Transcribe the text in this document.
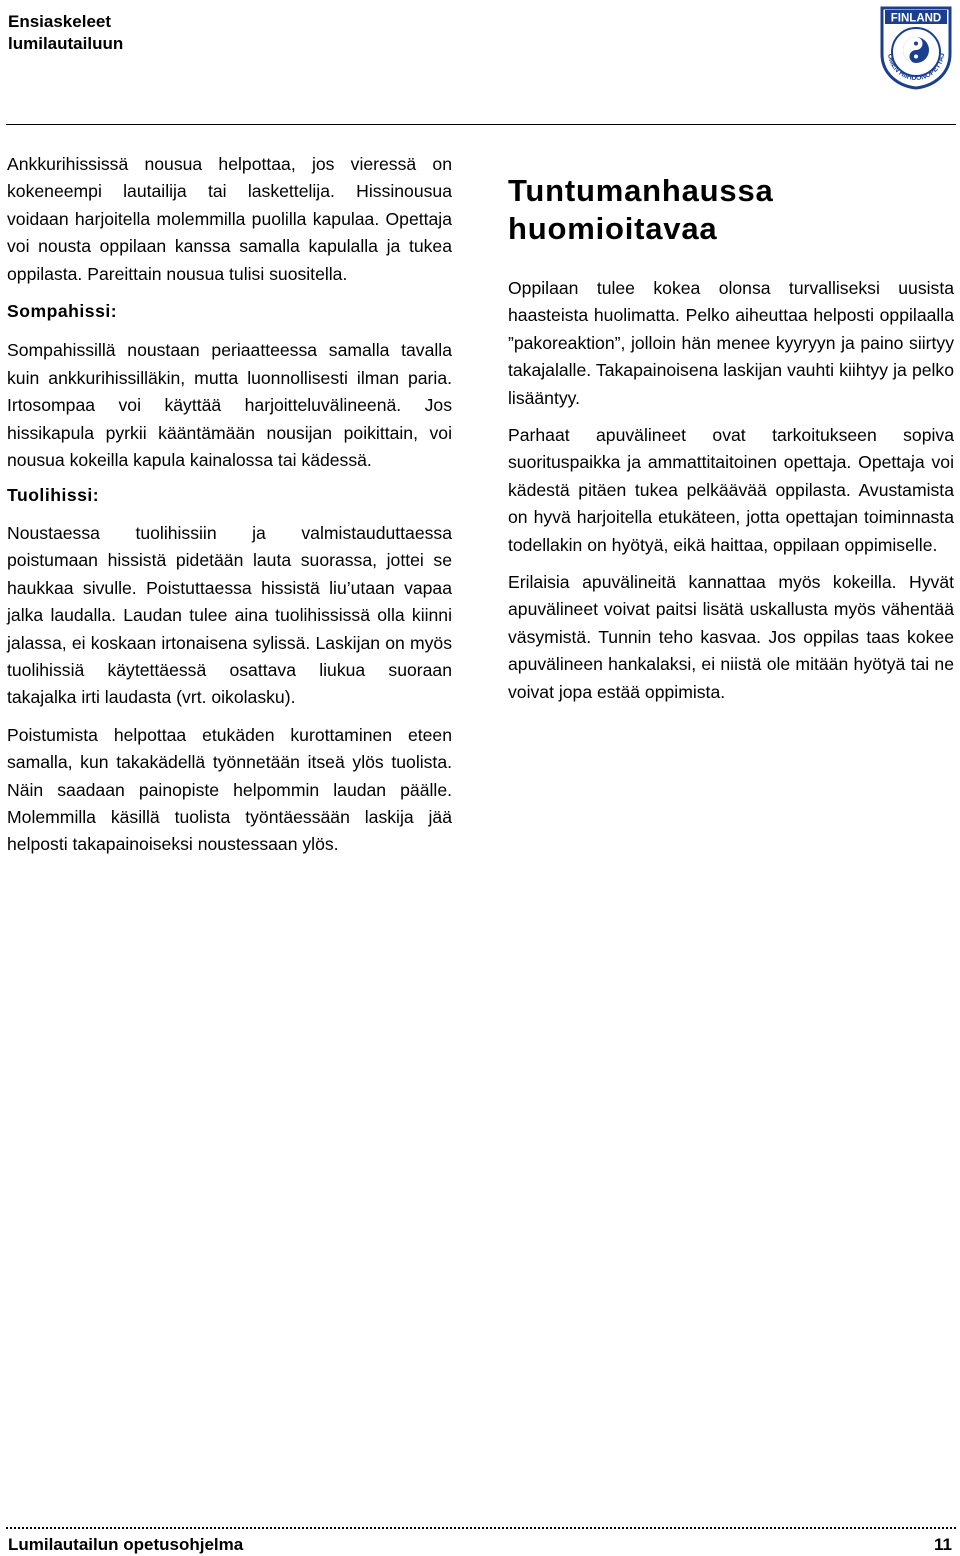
Ensiaskeleet
lumilautailuun
FINLAND
OMEN HIIHDONOPETTAJ

Ankkurihississä nousua helpottaa, jos vieressä on kokeneempi lautailija tai laskettelija. Hissinousua voidaan harjoitella molemmilla puolilla kapulaa. Opettaja voi nousta oppilaan kanssa samalla kapulalla ja tukea oppilasta. Pareittain nousua tulisi suositella.

Sompahissi:

Sompahissillä noustaan periaatteessa samalla tavalla kuin ankkurihissilläkin, mutta luonnollisesti ilman paria. Irtosompaa voi käyttää harjoitteluvälineenä. Jos hissikapula pyrkii kääntämään nousijan poikittain, voi nousua kokeilla kapula kainalossa tai kädessä.

Tuolihissi:

Noustaessa tuolihissiin ja valmistauduttaessa poistumaan hissistä pidetään lauta suorassa, jottei se haukkaa sivulle. Poistuttaessa hissistä liu’utaan vapaa jalka laudalla. Laudan tulee aina tuolihississä olla kiinni jalassa, ei koskaan irtonaisena sylissä. Laskijan on myös tuolihissiä käytettäessä osattava liukua suoraan takajalka irti laudasta (vrt. oikolasku).

Poistumista helpottaa etukäden kurottaminen eteen samalla, kun takakädellä työnnetään itseä ylös tuolista. Näin saadaan painopiste helpommin laudan päälle. Molemmilla käsillä tuolista työntäessään laskija jää helposti takapainoiseksi noustessaan ylös.

Tuntumanhaussa
huomioitavaa

Oppilaan tulee kokea olonsa turvalliseksi uusista haasteista huolimatta. Pelko aiheuttaa helposti oppilaalla ”pakoreaktion”, jolloin hän menee kyyryyn ja paino siirtyy takajalalle. Takapainoisena laskijan vauhti kiihtyy ja pelko lisääntyy.

Parhaat apuvälineet ovat tarkoitukseen sopiva suorituspaikka ja ammattitaitoinen opettaja. Opettaja voi kädestä pitäen tukea pelkäävää oppilasta. Avustamista on hyvä harjoitella etukäteen, jotta opettajan toiminnasta todellakin on hyötyä, eikä haittaa, oppilaan oppimiselle.

Erilaisia apuvälineitä kannattaa myös kokeilla. Hyvät apuvälineet voivat paitsi lisätä uskallusta myös vähentää väsymistä. Tunnin teho kasvaa. Jos oppilas taas kokee apuvälineen hankalaksi, ei niistä ole mitään hyötyä tai ne voivat jopa estää oppimista.

Lumilautailun opetusohjelma	11
